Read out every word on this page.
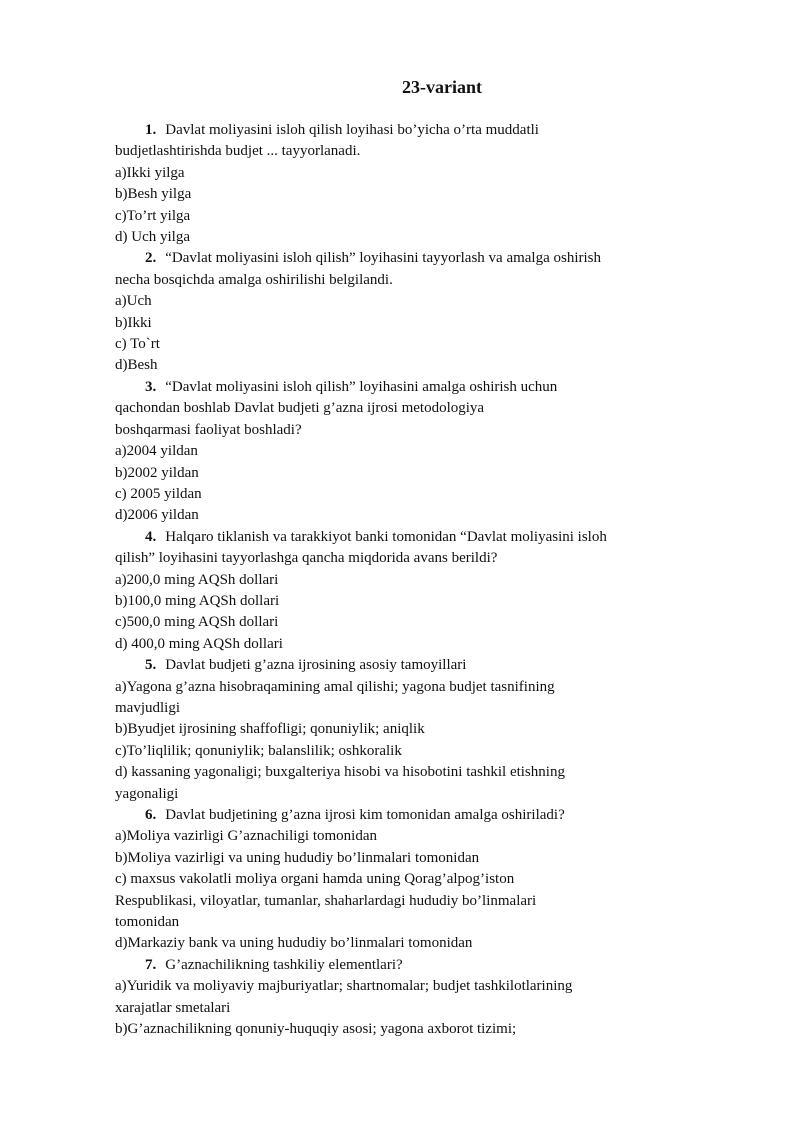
23-variant

1. Davlat moliyasini isloh qilish loyihasi bo’yicha o’rta muddatli
budjetlashtirishda budjet ... tayyorlanadi.

a)Ikki yilga

b)Besh yilga

c)To’rt yilga

d) Uch yilga

2. “Davlat moliyasini isloh qilish” loyihasini tayyorlash va amalga oshirish
necha bosqichda amalga oshirilishi belgilandi.

a)Uch

b)Ikki

c) To`rt

d)Besh

3. “Davlat moliyasini isloh qilish” loyihasini amalga oshirish uchun
qachondan boshlab Davlat budjeti g’azna ijrosi metodologiya
boshqarmasi faoliyat boshladi?

a)2004 yildan

b)2002 yildan

c) 2005 yildan

d)2006 yildan

4. Halqaro tiklanish va tarakkiyot banki tomonidan “Davlat moliyasini isloh
qilish” loyihasini tayyorlashga qancha miqdorida avans berildi?

a)200,0 ming AQSh dollari

b)100,0 ming AQSh dollari

c)500,0 ming AQSh dollari

d) 400,0 ming AQSh dollari

5. Davlat budjeti g’azna ijrosining asosiy tamoyillari

a)Yagona g’azna hisobraqamining amal qilishi; yagona budjet tasnifining
mavjudligi

b)Byudjet ijrosining shaffofligi; qonuniylik; aniqlik

c)To’liqlilik; qonuniylik; balanslilik; oshkoralik

d) kassaning yagonaligi; buxgalteriya hisobi va hisobotini tashkil etishning
yagonaligi

6. Davlat budjetining g’azna ijrosi kim tomonidan amalga oshiriladi?

a)Moliya vazirligi G’aznachiligi tomonidan

b)Moliya vazirligi va uning hududiy bo’linmalari tomonidan

c) maxsus vakolatli moliya organi hamda uning Qorag’alpog’iston
Respublikasi, viloyatlar, tumanlar, shaharlardagi hududiy bo’linmalari
tomonidan

d)Markaziy bank va uning hududiy bo’linmalari tomonidan

7. G’aznachilikning tashkiliy elementlari?

a)Yuridik va moliyaviy majburiyatlar; shartnomalar; budjet tashkilotlarining
xarajatlar smetalari

b)G’aznachilikning qonuniy-huquqiy asosi; yagona axborot tizimi;
